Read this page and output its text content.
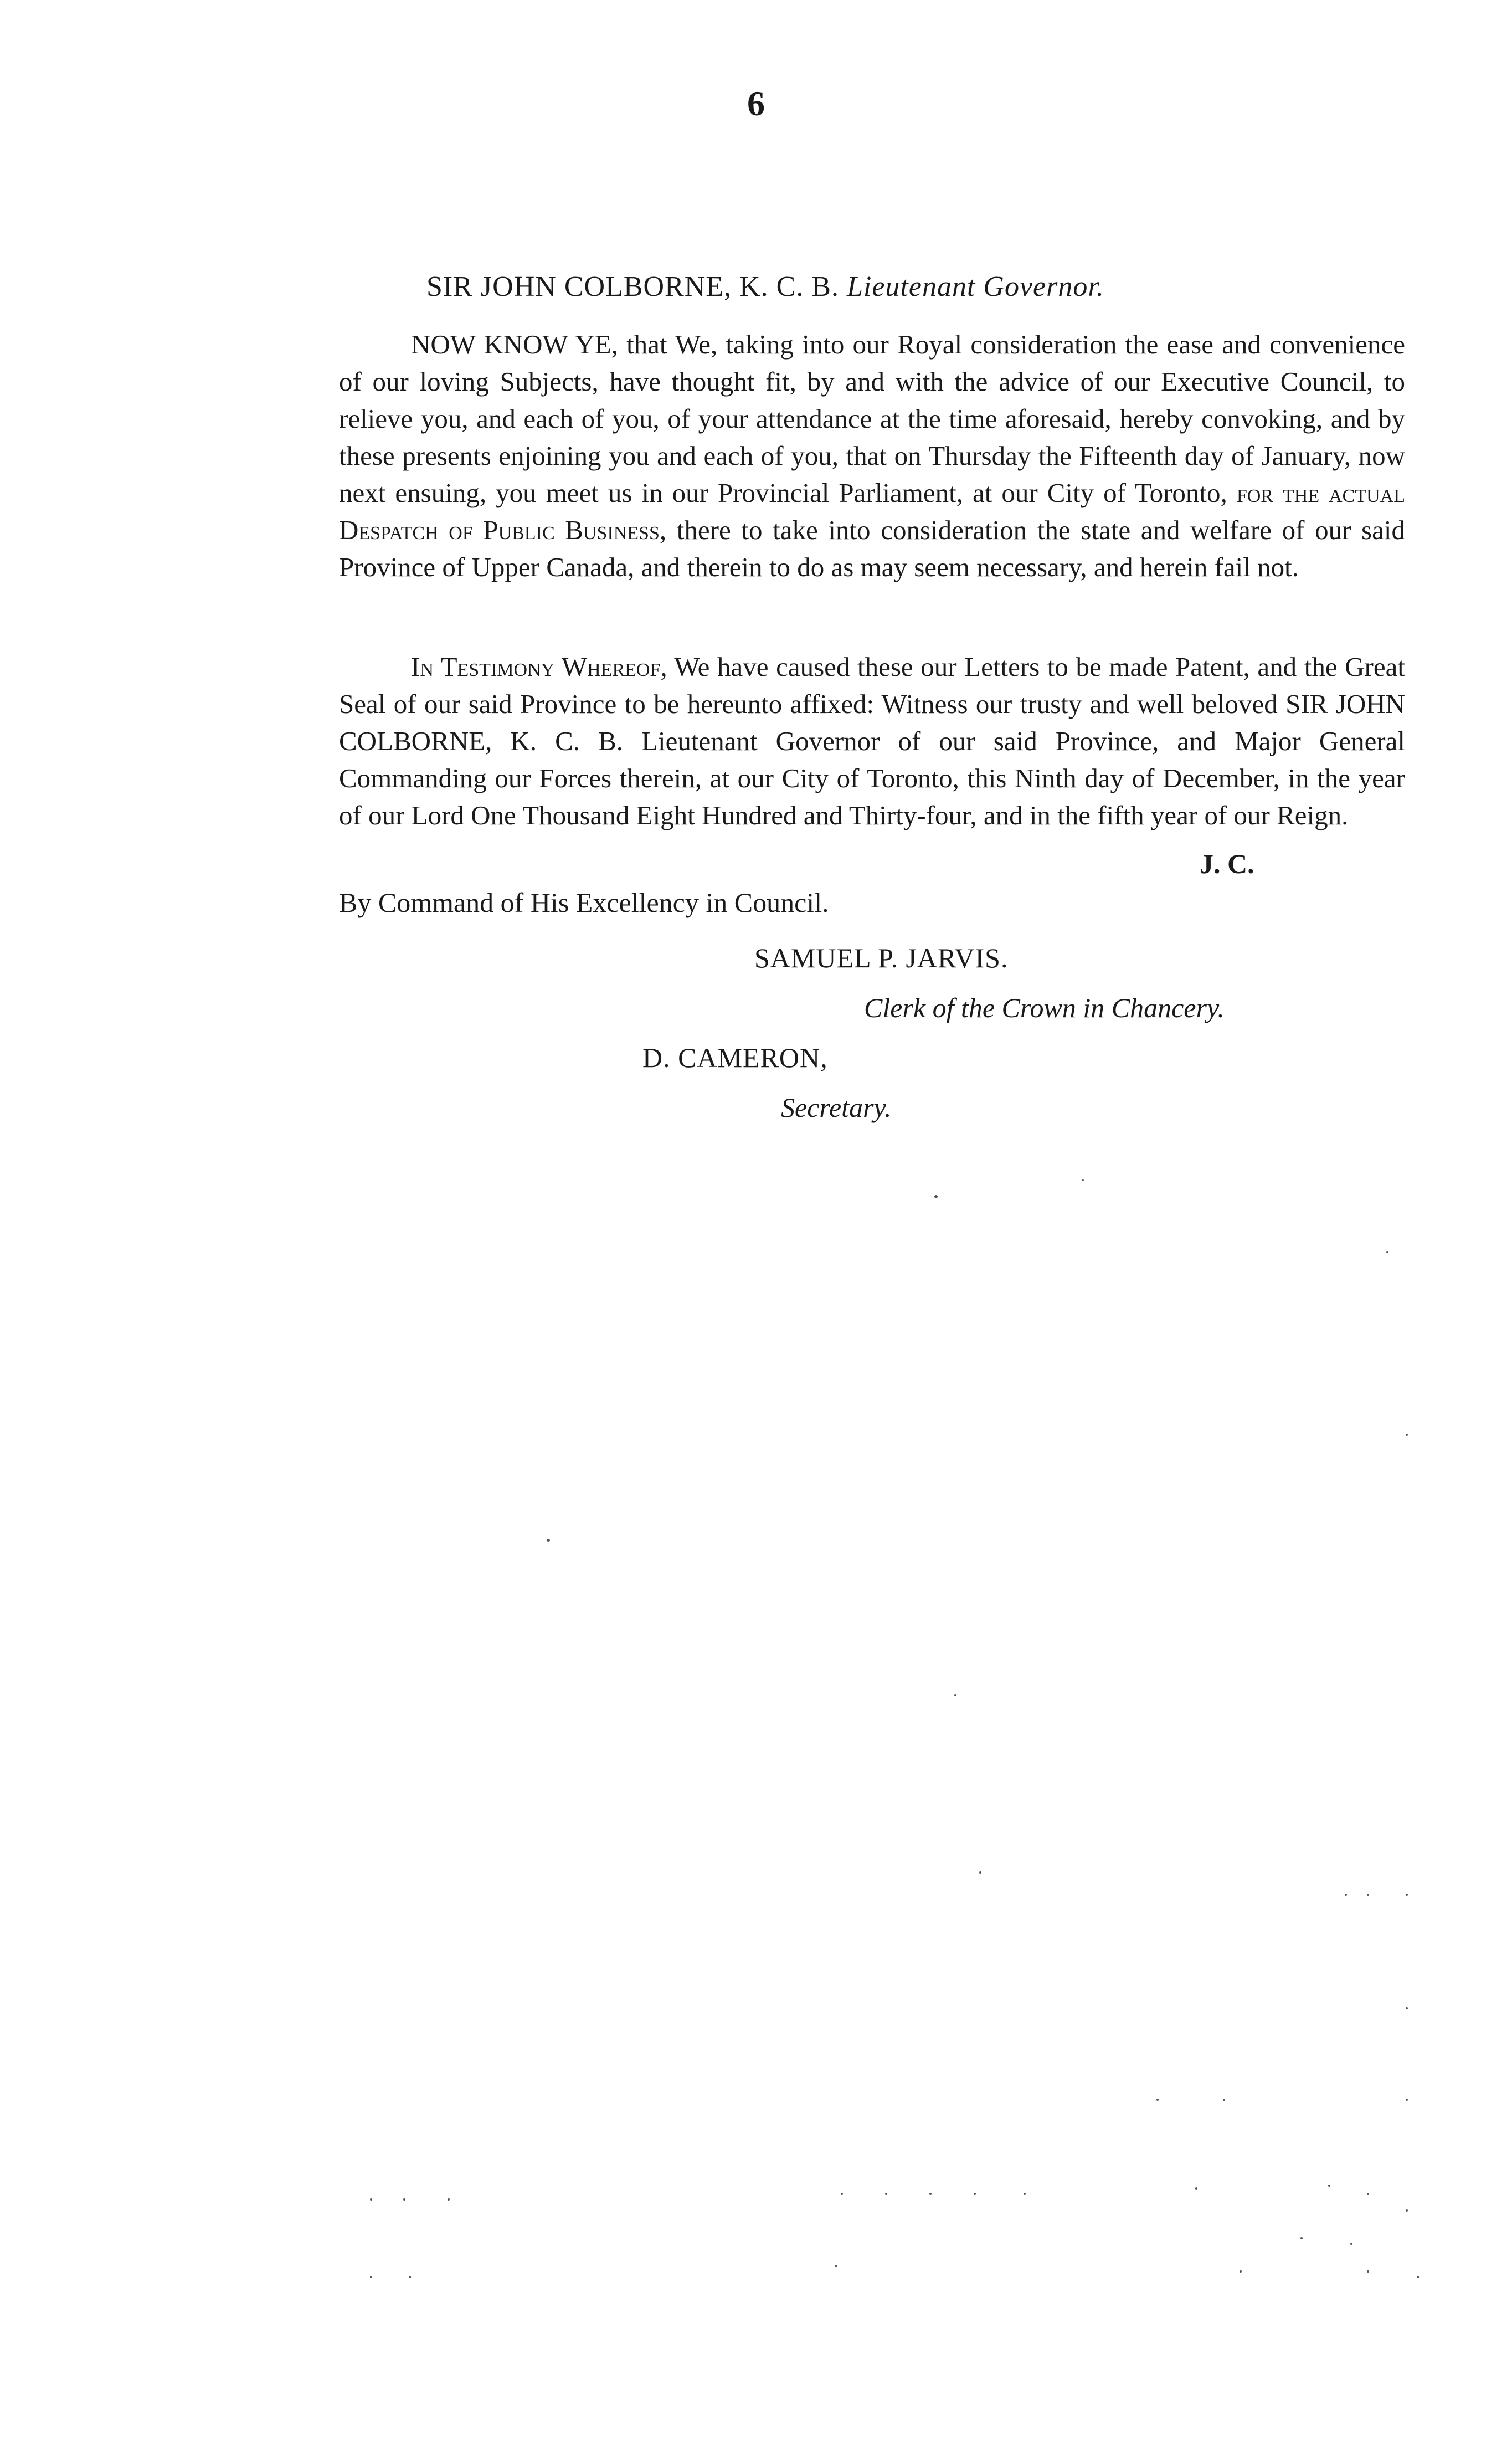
6
SIR JOHN COLBORNE, K. C. B. Lieutenant Governor.

NOW KNOW YE, that We, taking into our Royal consideration the ease and convenience of our loving Subjects, have thought fit, by and with the advice of our Executive Council, to relieve you, and each of you, of your attendance at the time aforesaid, hereby convoking, and by these presents enjoining you and each of you, that on Thursday the Fifteenth day of January, now next ensuing, you meet us in our Provincial Parliament, at our City of Toronto, for the actual Despatch of Public Business, there to take into consideration the state and welfare of our said Province of Upper Canada, and therein to do as may seem necessary, and herein fail not.

In Testimony Whereof, We have caused these our Letters to be made Patent, and the Great Seal of our said Province to be hereunto affixed: Witness our trusty and well beloved SIR JOHN COLBORNE, K. C. B. Lieutenant Governor of our said Province, and Major General Commanding our Forces therein, at our City of Toronto, this Ninth day of December, in the year of our Lord One Thousand Eight Hundred and Thirty-four, and in the fifth year of our Reign.

J. C.
By Command of His Excellency in Council.
SAMUEL P. JARVIS.
Clerk of the Crown in Chancery.
D. CAMERON,
Secretary.
